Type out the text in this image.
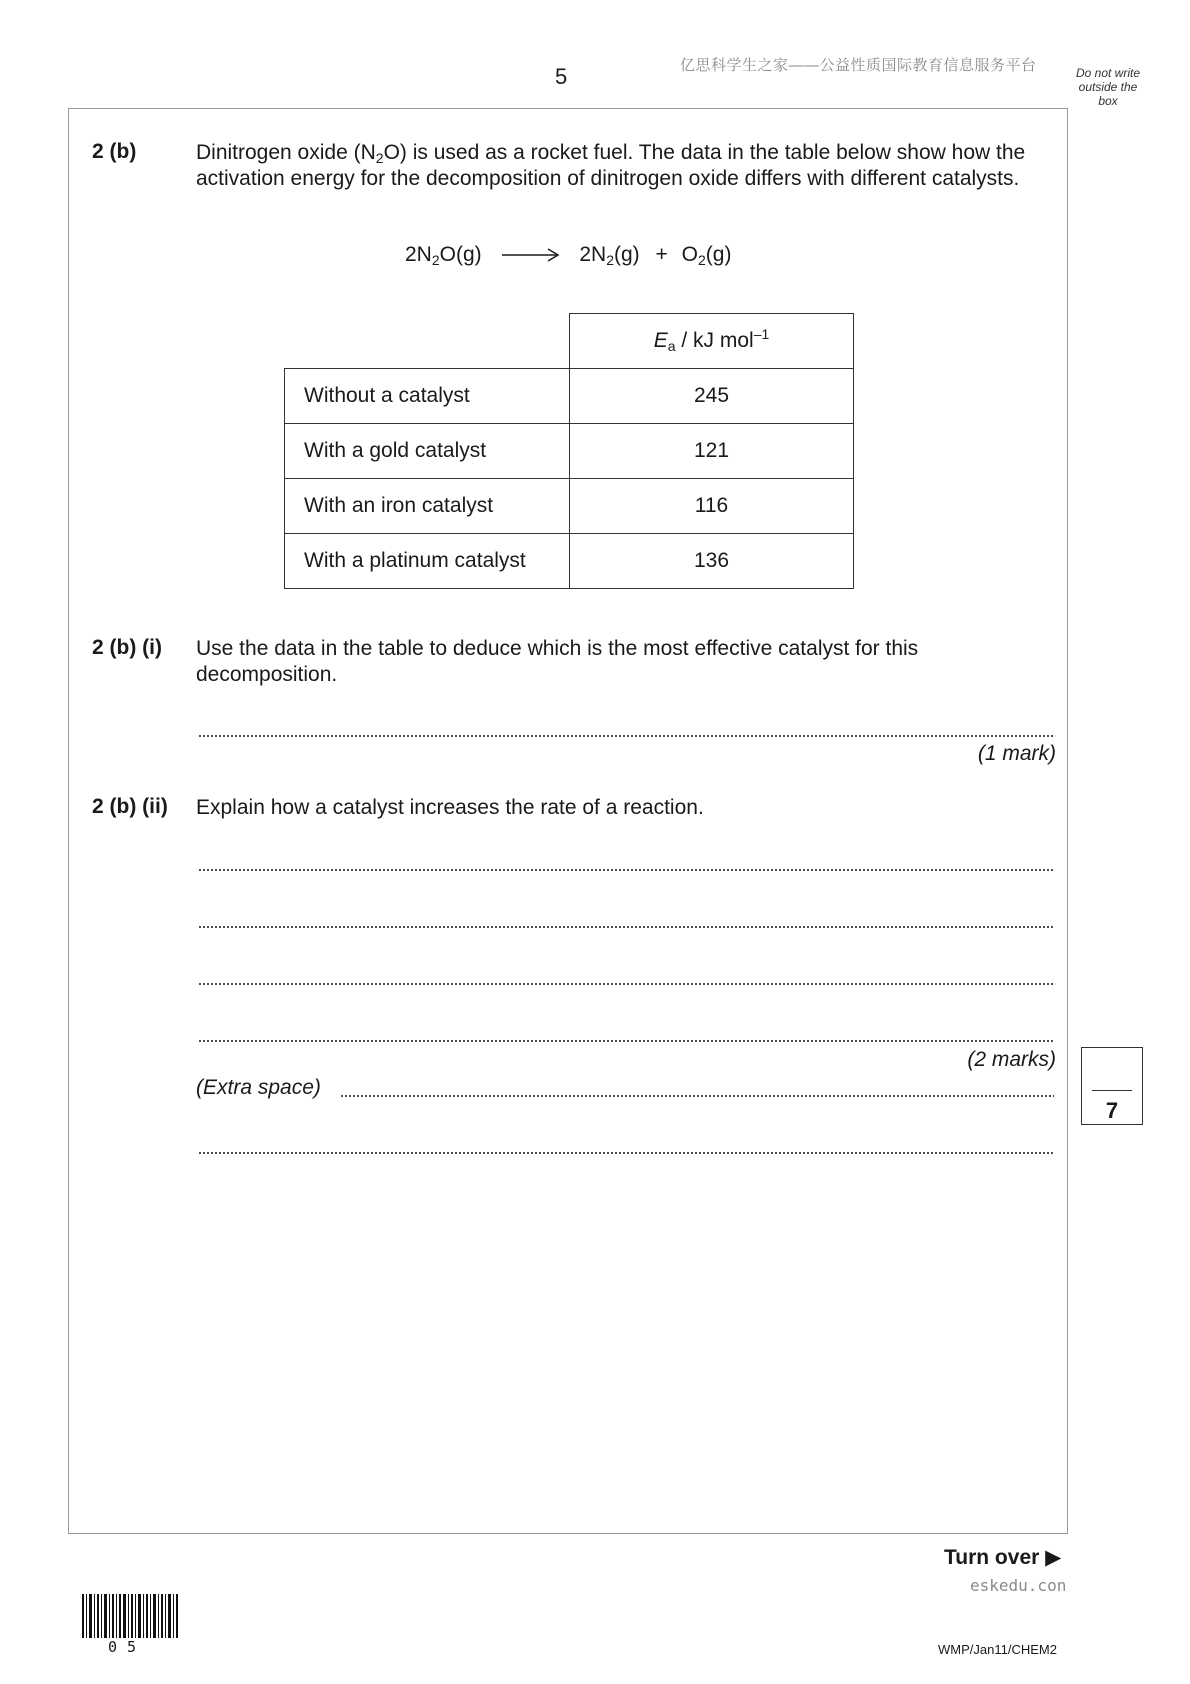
5	亿思科学生之家——公益性质国际教育信息服务平台	Do not write outside the box
2 (b)	Dinitrogen oxide $(N_2O)$ is used as a rocket fuel. The data in the table below show how the activation energy for the decomposition of dinitrogen oxide differs with different catalysts.
$2N_2O(g) \to 2N_2(g) + O_2(g)$
	$E_a$ / kJ mol$^{-1}$
Without a catalyst	245
With a gold catalyst	121
With an iron catalyst	116
With a platinum catalyst	136
2 (b) (i) Use the data in the table to deduce which is the most effective catalyst for this decomposition.
(1 mark)
2 (b) (ii) Explain how a catalyst increases the rate of a reaction.
(2 marks)
(Extra space)
7
Turn over ▶
eskedu.con
05	WMP/Jan11/CHEM2
